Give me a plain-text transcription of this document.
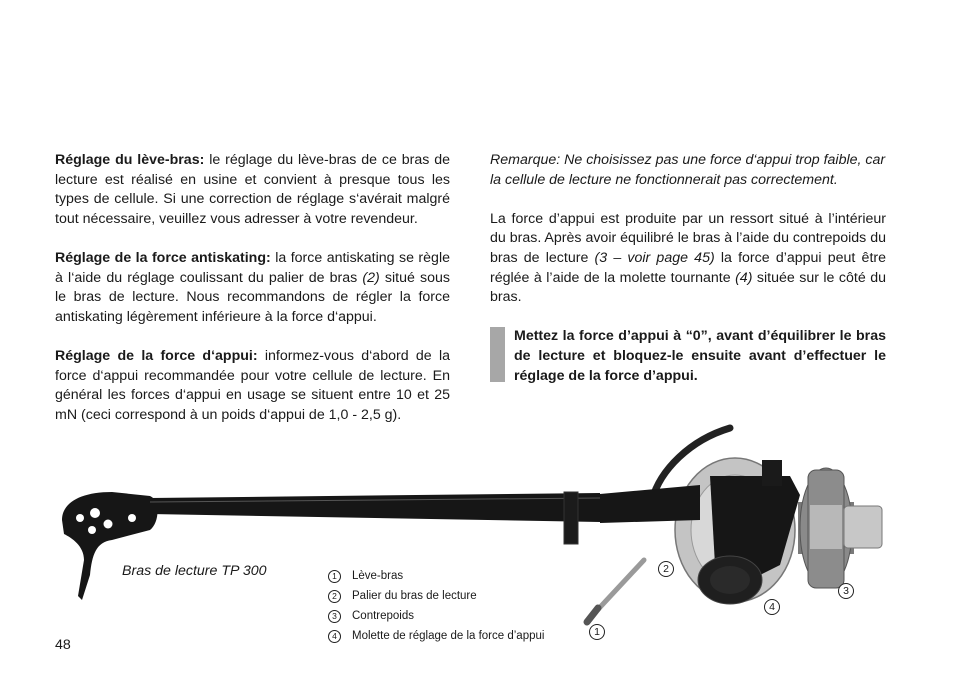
Réglage du lève-bras: le réglage du lève-bras de ce bras de lecture est réalisé en usine et convient à presque tous les types de cellule. Si une correction de réglage s‘avérait malgré tout nécessaire, veuillez vous adresser à votre revendeur.

Réglage de la force antiskating: la force antiskating se règle à l‘aide du réglage coulissant du palier de bras (2) situé sous le bras de lecture. Nous recommandons de régler la force antiskating légèrement inférieure à la force d‘appui.

Réglage de la force d‘appui: informez-vous d‘abord de la force d‘appui recommandée pour votre cellule de lecture. En général les forces d‘appui en usage se situent entre 10 et 25 mN (ceci correspond à un poids d‘appui de 1,0 - 2,5 g).

Remarque: Ne choisissez pas une force d‘appui trop faible, car la cellule de lecture ne fonctionnerait pas correctement.

La force d’appui est produite par un ressort situé à l’intérieur du bras. Après avoir équilibré le bras à l’aide du contrepoids du bras de lecture (3 – voir page 45) la force d’appui peut être réglée à l’aide de la molette tournante (4) située sur le côté du bras.

Mettez la force d’appui à “0”, avant d’équilibrer le bras de lecture et bloquez-le ensuite avant d’effectuer le réglage de la force d’appui.
2
3
4
1
Bras de lecture TP 300	1	Lève-bras
2	Palier du bras de lecture
3	Contrepoids
4	Molette de réglage de la force d’appui
48
